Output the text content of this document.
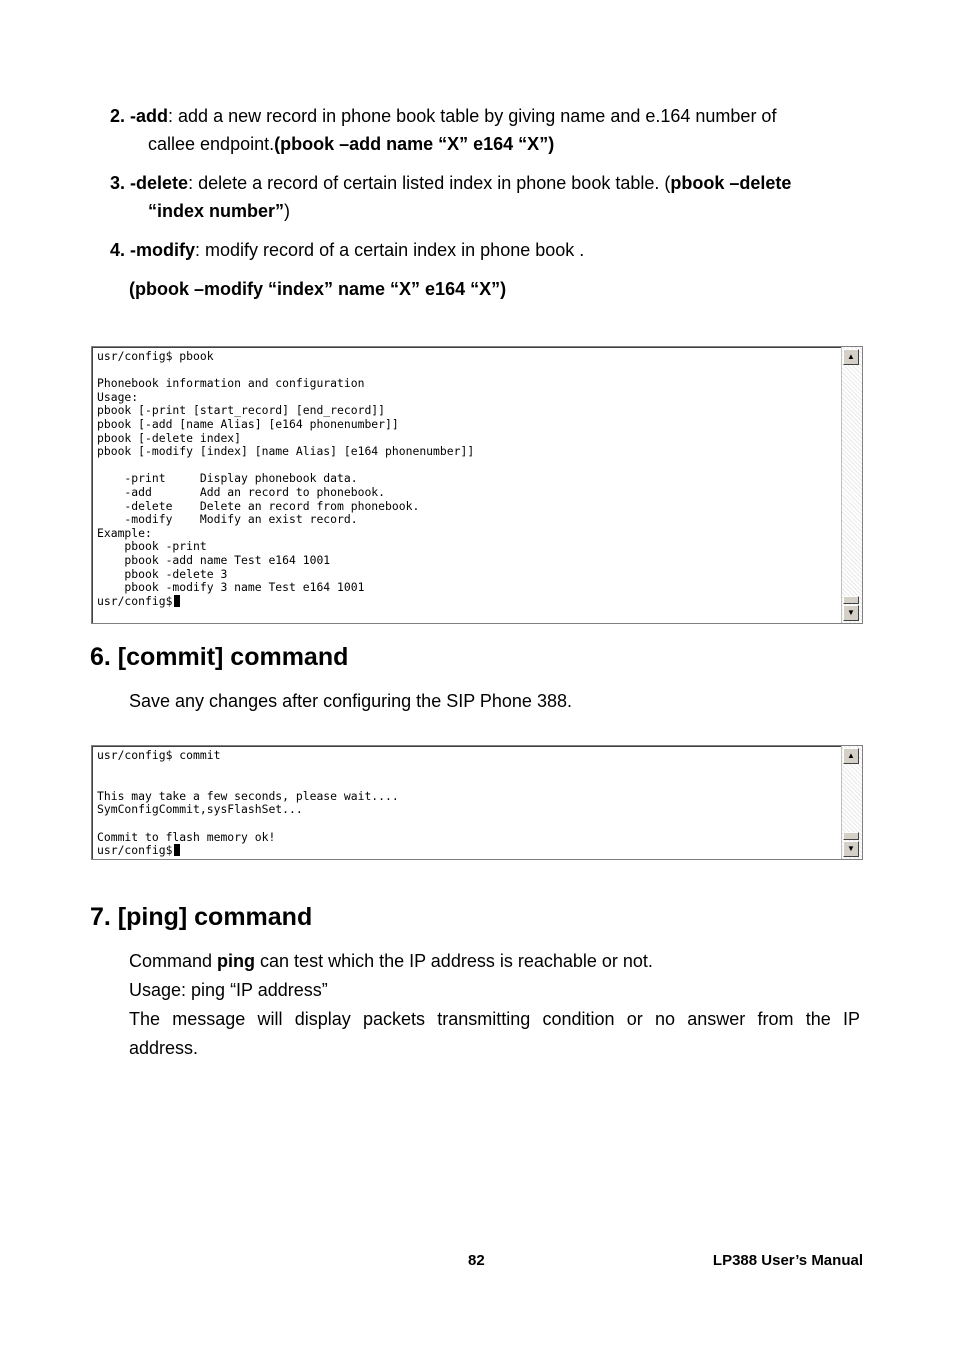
2. -add: add a new record in phone book table by giving name and e.164 number of
callee endpoint.(pbook –add name “X” e164 “X”)
3. -delete: delete a record of certain listed index in phone book table. (pbook –delete
“index number”)
4. -modify: modify record of a certain index in phone book .
(pbook –modify “index” name “X” e164 “X”)
usr/config$ pbook

Phonebook information and configuration
Usage:
pbook [-print [start_record] [end_record]]
pbook [-add [name Alias] [e164 phonenumber]]
pbook [-delete index]
pbook [-modify [index] [name Alias] [e164 phonenumber]]

-print     Display phonebook data.
-add       Add an record to phonebook.
-delete    Delete an record from phonebook.
-modify    Modify an exist record.
Example:
pbook -print
pbook -add name Test e164 1001
pbook -delete 3
pbook -modify 3 name Test e164 1001
usr/config$
▲
▼
6. [commit] command
Save any changes after configuring the SIP Phone 388.
usr/config$ commit

This may take a few seconds, please wait....
SymConfigCommit,sysFlashSet...

Commit to flash memory ok!
usr/config$
▲
▼
7. [ping] command
Command ping can test which the IP address is reachable or not.
Usage: ping “IP address”
The message will display packets transmitting condition or no answer from the IP
address.
82	LP388 User’s Manual
